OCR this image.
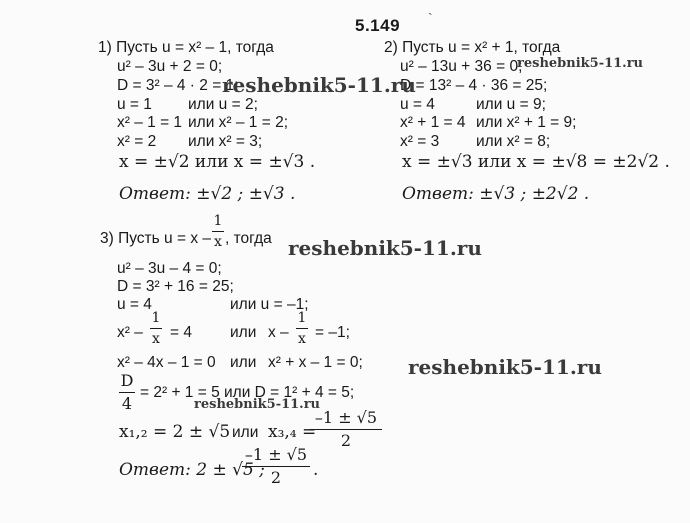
5.149 `
1) Пусть u = x² – 1, тогда
u² – 3u + 2 = 0;
D = 3² – 4 · 2 = 1;
u = 1 или u = 2;
x² – 1 = 1 или x² – 1 = 2;
x² = 2 или x² = 3;
x = ±√2 или x = ±√3 .
Ответ: ±√2 ; ±√3 .
2) Пусть u = x² + 1, тогда
u² – 13u + 36 = 0;
D = 13² – 4 · 36 = 25;
u = 4	или u = 9;
x² + 1 = 4 или x² + 1 = 9;
x² = 3 или x² = 8;
x = ±√3 или x = ±√8 = ±2√2 .
Ответ: ±√3 ; ±2√2 .
3) Пусть u = x –
1
x , тогда
u² – 3u – 4 = 0;
D = 3² + 16 = 25;
u = 4	или u = –1;
x² –
1
x = 4 или x –
1
x = –1;
x² – 4x – 1 = 0 или x² + x – 1 = 0;
D
4
= 2² + 1 = 5 или D = 1² + 4 = 5;
x₁,₂ = 2 ± √5 или x₃,₄ =
–1 ± √5
2
Ответ: 2 ± √5 ;
–1 ± √5
2	.
reshebnik5-11.ru
reshebnik5-11.ru
reshebnik5-11.ru
reshebnik5-11.ru
reshebnik5-11.ru
